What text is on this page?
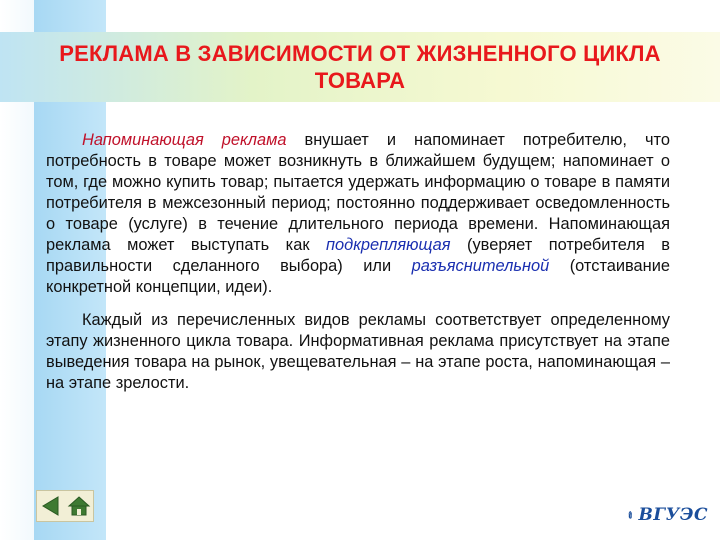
РЕКЛАМА В ЗАВИСИМОСТИ ОТ ЖИЗНЕННОГО ЦИКЛА ТОВАРА

Напоминающая реклама внушает и напоминает потребителю, что потребность в товаре может возникнуть в ближайшем будущем; напоминает о том, где можно купить товар; пытается удержать информацию о товаре в памяти потребителя в межсезонный период; постоянно поддерживает осведомленность о товаре (услуге) в течение длительного периода времени. Напоминающая реклама может выступать как подкрепляющая (уверяет потребителя в правильности сделанного выбора) или разъяснительной (отстаивание конкретной концепции, идеи).

Каждый из перечисленных видов рекламы соответствует определенному этапу жизненного цикла товара. Информативная реклама присутствует на этапе выведения товара на рынок, увещевательная – на этапе роста, напоминающая – на этапе зрелости.

ВГУЭС
